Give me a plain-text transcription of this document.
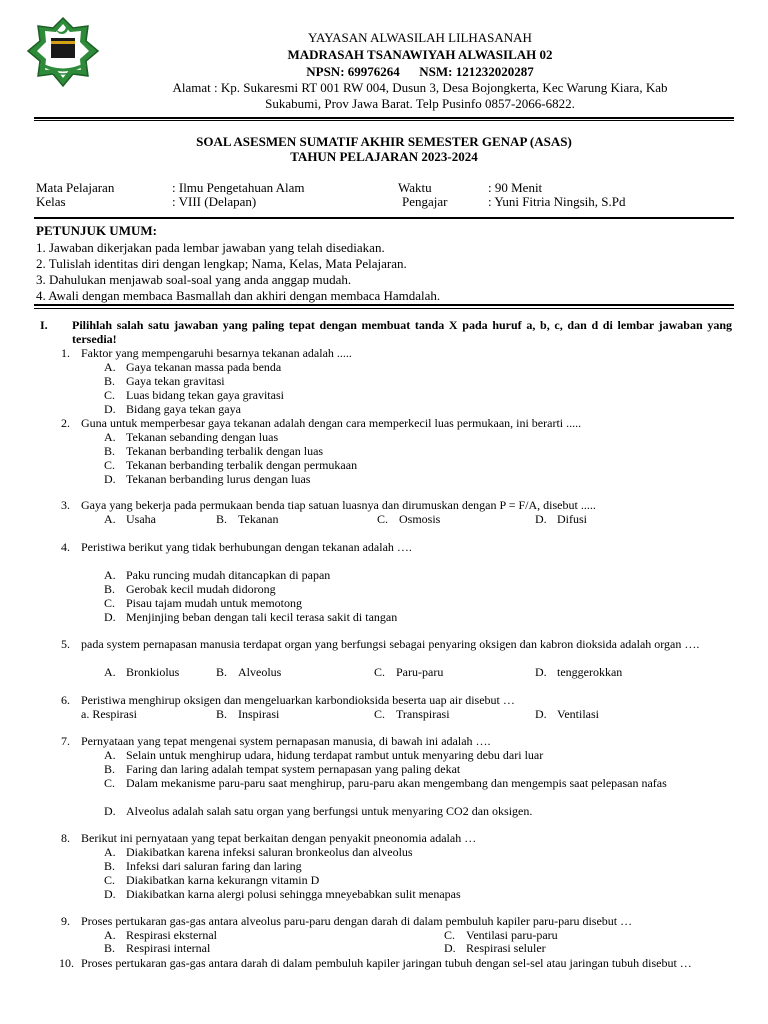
YAYASAN ALWASILAH LILHASANAH
MADRASAH TSANAWIYAH ALWASILAH 02
NPSN: 69976264 NSM: 121232020287
Alamat : Kp. Sukaresmi RT 001 RW 004, Dusun 3, Desa Bojongkerta, Kec Warung Kiara, Kab
Sukabumi, Prov Jawa Barat. Telp Pusinfo 0857-2066-6822.
SOAL ASESMEN SUMATIF AKHIR SEMESTER GENAP (ASAS)
TAHUN PELAJARAN 2023-2024
Mata Pelajaran	: Ilmu Pengetahuan Alam	Waktu	: 90 Menit
Kelas	: VIII (Delapan)	Pengajar	: Yuni Fitria Ningsih, S.Pd
PETUNJUK UMUM:
1. Jawaban dikerjakan pada lembar jawaban yang telah disediakan.
2. Tulislah identitas diri dengan lengkap; Nama, Kelas, Mata Pelajaran.
3. Dahulukan menjawab soal-soal yang anda anggap mudah.
4. Awali dengan membaca Basmallah dan akhiri dengan membaca Hamdalah.
I. Pilihlah salah satu jawaban yang paling tepat dengan membuat tanda X pada huruf a, b, c, dan d di lembar jawaban yang tersedia!
1. Faktor yang mempengaruhi besarnya tekanan adalah .....
A. Gaya tekanan massa pada benda
B. Gaya tekan gravitasi
C. Luas bidang tekan gaya gravitasi
D. Bidang gaya tekan gaya
2. Guna untuk memperbesar gaya tekanan adalah dengan cara memperkecil luas permukaan, ini berarti .....
A. Tekanan sebanding dengan luas
B. Tekanan berbanding terbalik dengan luas
C. Tekanan berbanding terbalik dengan permukaan
D. Tekanan berbanding lurus dengan luas
3. Gaya yang bekerja pada permukaan benda tiap satuan luasnya dan dirumuskan dengan P = F/A, disebut .....
A. Usaha	B. Tekanan	C. Osmosis	D. Difusi
4. Peristiwa berikut yang tidak berhubungan dengan tekanan adalah ….
A. Paku runcing mudah ditancapkan di papan
B. Gerobak kecil mudah didorong
C. Pisau tajam mudah untuk memotong
D. Menjinjing beban dengan tali kecil terasa sakit di tangan
5. pada system pernapasan manusia terdapat organ yang berfungsi sebagai penyaring oksigen dan kabron dioksida adalah organ ….
A. Bronkiolus	B. Alveolus	C. Paru-paru	D. tenggerokkan
6. Peristiwa menghirup oksigen dan mengeluarkan karbondioksida beserta uap air disebut …
a. Respirasi	B. Inspirasi	C. Transpirasi	D. Ventilasi
7. Pernyataan yang tepat mengenai system pernapasan manusia, di bawah ini adalah ….
A. Selain untuk menghirup udara, hidung terdapat rambut untuk menyaring debu dari luar
B. Faring dan laring adalah tempat system pernapasan yang paling dekat
C. Dalam mekanisme paru-paru saat menghirup, paru-paru akan mengembang dan mengempis saat pelepasan nafas
D. Alveolus adalah salah satu organ yang berfungsi untuk menyaring CO2 dan oksigen.
8. Berikut ini pernyataan yang tepat berkaitan dengan penyakit pneonomia adalah …
A. Diakibatkan karena infeksi saluran bronkeolus dan alveolus
B. Infeksi dari saluran faring dan laring
C. Diakibatkan karna kekurangn vitamin D
D. Diakibatkan karna alergi polusi sehingga mneyebabkan sulit menapas
9. Proses pertukaran gas-gas antara alveolus paru-paru dengan darah di dalam pembuluh kapiler paru-paru disebut …
A. Respirasi eksternal	C. Ventilasi paru-paru
B. Respirasi internal	D. Respirasi seluler
10. Proses pertukaran gas-gas antara darah di dalam pembuluh kapiler jaringan tubuh dengan sel-sel atau jaringan tubuh disebut …
